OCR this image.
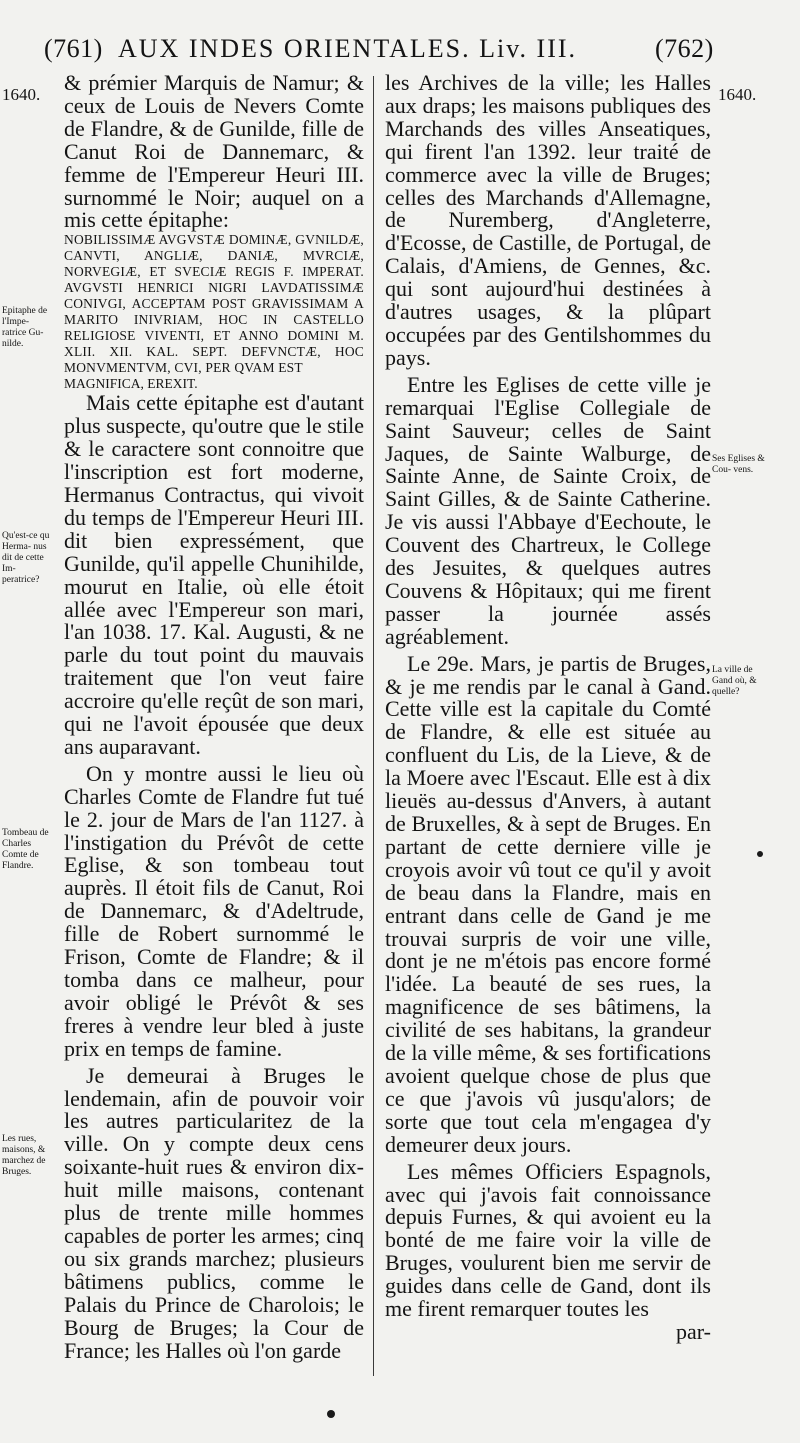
(761) AUX INDES ORIENTALES. Liv. III.	(762)
1640.	1640.

& prémier Marquis de Namur; & ceux de Louis de Nevers Comte de Flandre, & de Gunilde, fille de Canut Roi de Dannemarc, & femme de l'Empereur Heuri III. surnommé le Noir; auquel on a mis cette épitaphe:

NOBILISSIMÆ AVGVSTÆ DOMINÆ, GVNILDÆ, CANVTI, ANGLIÆ, DANIÆ, MVRCIÆ, NORVEGIÆ, ET SVECIÆ REGIS F. IMPERAT. AVGVSTI HENRICI NIGRI LAVDATISSIMÆ CONIVGI, ACCEPTAM POST GRAVISSIMAM A MARITO INIVRIAM, HOC IN CASTELLO RELIGIOSE VIVENTI, ET ANNO DOMINI M. XLII. XII. KAL. SEPT. DEFVNCTÆ, HOC MONVMENTVM, CVI, PER QVAM EST

MAGNIFICA, EREXIT.

Mais cette épitaphe est d'autant plus suspecte, qu'outre que le stile & le caractere sont connoitre que l'inscription est fort moderne, Hermanus Contractus, qui vivoit du temps de l'Empereur Heuri III. dit bien expressément, que Gunilde, qu'il appelle Chunihilde, mourut en Italie, où elle étoit allée avec l'Empereur son mari, l'an 1038. 17. Kal. Augusti, & ne parle du tout point du mauvais traitement que l'on veut faire accroire qu'elle reçût de son mari, qui ne l'avoit épousée que deux ans auparavant.

On y montre aussi le lieu où Charles Comte de Flandre fut tué le 2. jour de Mars de l'an 1127. à l'instigation du Prévôt de cette Eglise, & son tombeau tout auprès. Il étoit fils de Canut, Roi de Dannemarc, & d'Adeltrude, fille de Robert surnommé le Frison, Comte de Flandre; & il tomba dans ce malheur, pour avoir obligé le Prévôt & ses freres à vendre leur bled à juste prix en temps de famine.

Je demeurai à Bruges le lendemain, afin de pouvoir voir les autres particularitez de la ville. On y compte deux cens soixante-huit rues & environ dix-huit mille maisons, contenant plus de trente mille hommes capables de porter les armes; cinq ou six grands marchez; plusieurs bâtimens publics, comme le Palais du Prince de Charolois; le Bourg de Bruges; la Cour de France; les Halles où l'on garde

les Archives de la ville; les Halles aux draps; les maisons publiques des Marchands des villes Anseatiques, qui firent l'an 1392. leur traité de commerce avec la ville de Bruges; celles des Marchands d'Allemagne, de Nuremberg, d'Angleterre, d'Ecosse, de Castille, de Portugal, de Calais, d'Amiens, de Gennes, &c. qui sont aujourd'hui destinées à d'autres usages, & la plûpart occupées par des Gentilshommes du pays.

Entre les Eglises de cette ville je remarquai l'Eglise Collegiale de Saint Sauveur; celles de Saint Jaques, de Sainte Walburge, de Sainte Anne, de Sainte Croix, de Saint Gilles, & de Sainte Catherine. Je vis aussi l'Abbaye d'Eechoute, le Couvent des Chartreux, le College des Jesuites, & quelques autres Couvens & Hôpitaux; qui me firent passer la journée assés agréablement.

Le 29e. Mars, je partis de Bruges, & je me rendis par le canal à Gand. Cette ville est la capitale du Comté de Flandre, & elle est située au confluent du Lis, de la Lieve, & de la Moere avec l'Escaut. Elle est à dix lieuës au-dessus d'Anvers, à autant de Bruxelles, & à sept de Bruges. En partant de cette derniere ville je croyois avoir vû tout ce qu'il y avoit de beau dans la Flandre, mais en entrant dans celle de Gand je me trouvai surpris de voir une ville, dont je ne m'étois pas encore formé l'idée. La beauté de ses rues, la magnificence de ses bâtimens, la civilité de ses habitans, la grandeur de la ville même, & ses fortifications avoient quelque chose de plus que ce que j'avois vû jusqu'alors; de sorte que tout cela m'engagea d'y demeurer deux jours.

Les mêmes Officiers Espagnols, avec qui j'avois fait connoissance depuis Furnes, & qui avoient eu la bonté de me faire voir la ville de Bruges, voulurent bien me servir de guides dans celle de Gand, dont ils me firent remarquer toutes les

par-

Epitaphe de l'Impe- ratrice Gu- nilde.
Qu'est-ce qu Herma- nus dit de cette Im- peratrice?
Tombeau de Charles Comte de Flandre.
Les rues, maisons, & marchez de Bruges.
Ses Eglises & Cou- vens.
La ville de Gand où, & quelle?
